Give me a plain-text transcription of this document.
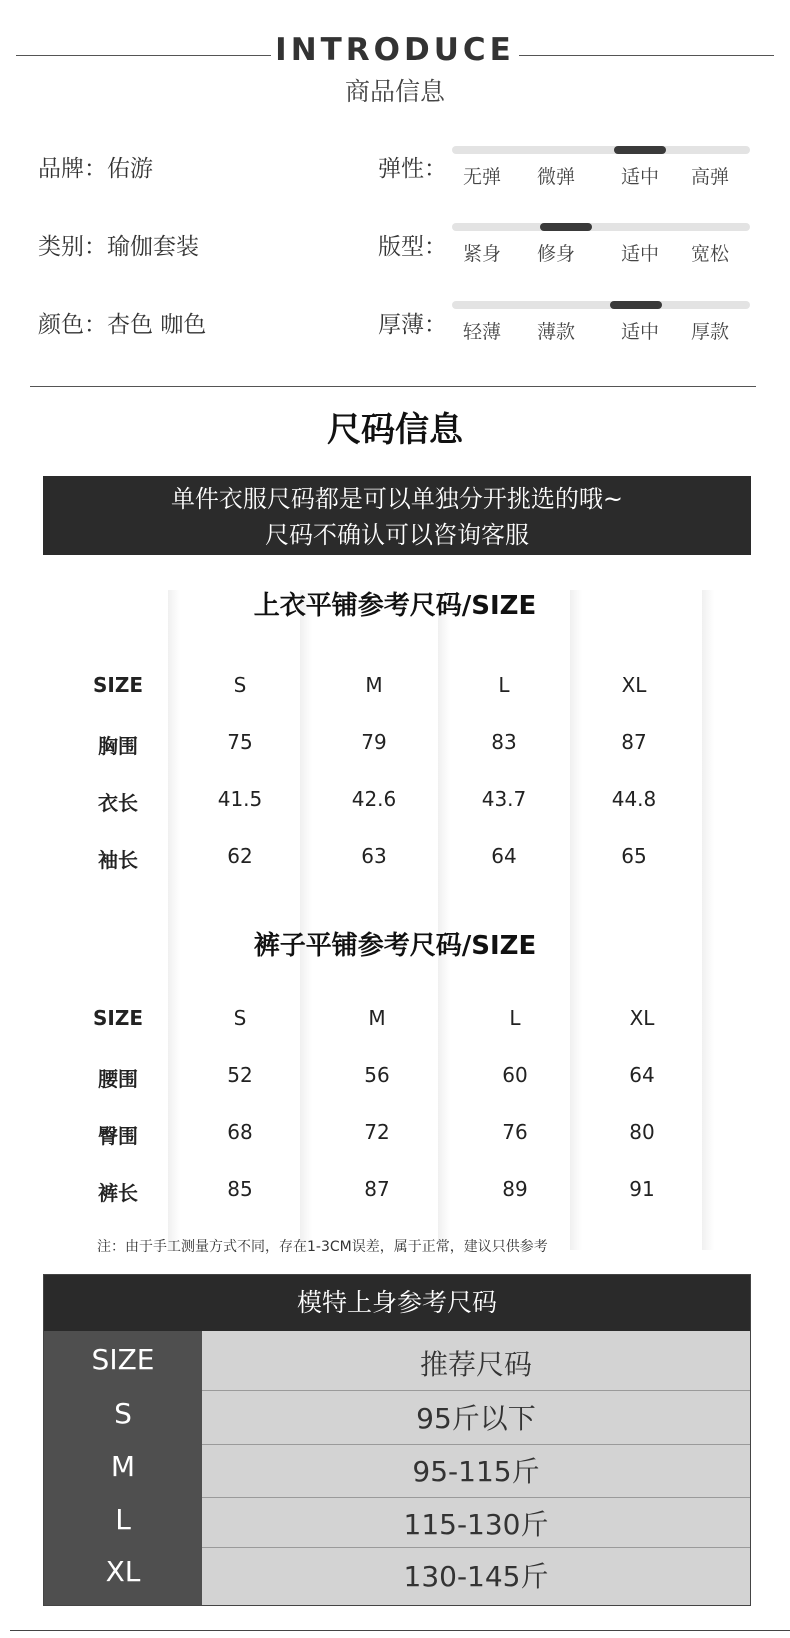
INTRODUCE
商品信息
品牌：佑游
类别：瑜伽套装
颜色：杏色 咖色
弹性： 无弹	微弹	适中	高弹
版型： 紧身	修身	适中	宽松
厚薄： 轻薄	薄款	适中	厚款
尺码信息
单件衣服尺码都是可以单独分开挑选的哦~
尺码不确认可以咨询客服
上衣平铺参考尺码/SIZE
SIZE	S	M	L	XL
胸围	75	79	83	87
衣长	41.5	42.6	43.7	44.8
袖长	62	63	64	65
裤子平铺参考尺码/SIZE
SIZE	S	M	L	XL
腰围	52	56	60	64
臀围	68	72	76	80
裤长	85	87	89	91
注：由于手工测量方式不同，存在1-3CM误差，属于正常，建议只供参考
模特上身参考尺码
SIZE	推荐尺码
S	95斤以下
M	95-115斤
L	115-130斤
XL	130-145斤
